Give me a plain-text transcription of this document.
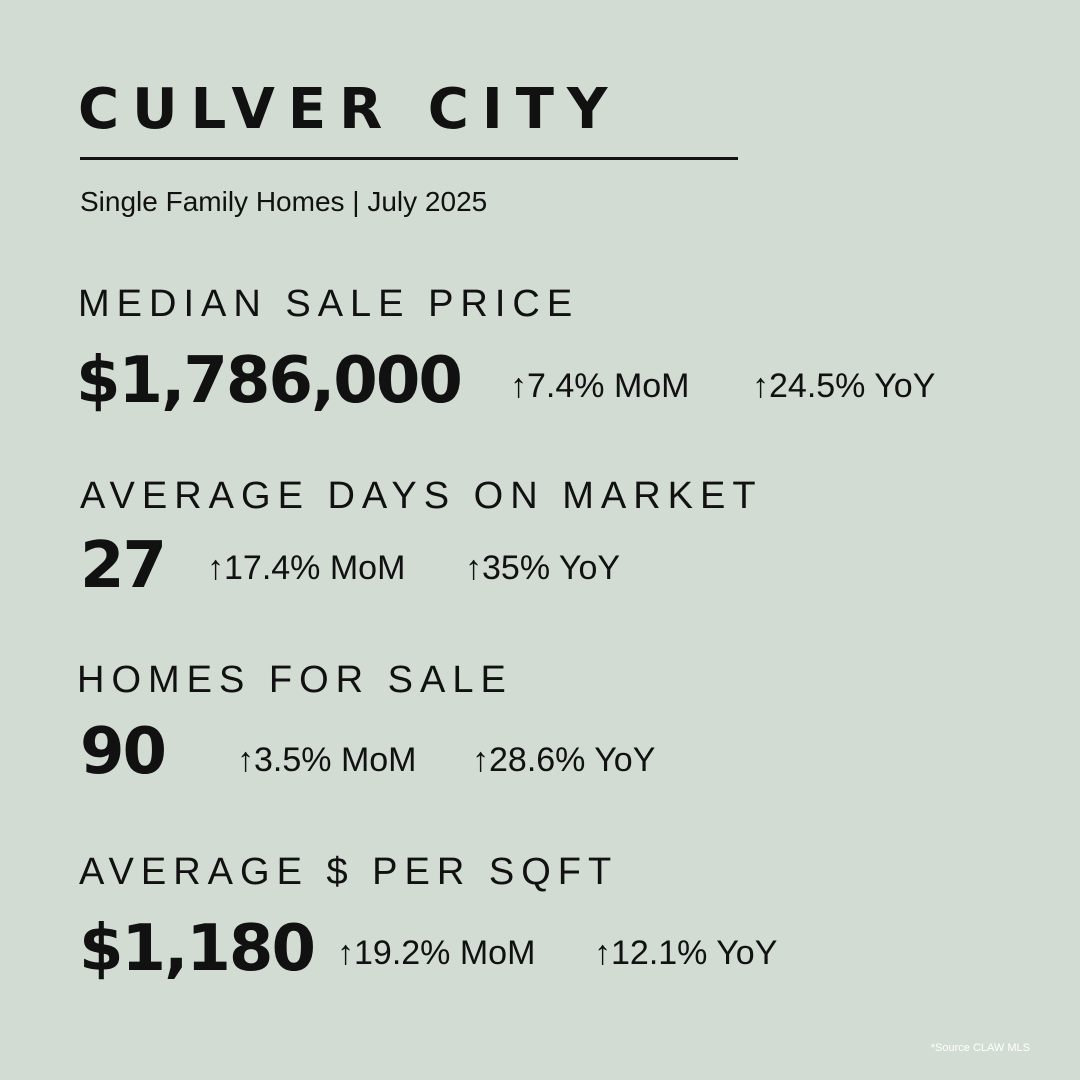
CULVER CITY

Single Family Homes | July 2025

MEDIAN SALE PRICE

$1,786,000 ↑7.4% MoM ↑24.5% YoY

AVERAGE DAYS ON MARKET

27 ↑17.4% MoM ↑35% YoY

HOMES FOR SALE

90 ↑3.5% MoM ↑28.6% YoY

AVERAGE $ PER SQFT

$1,180 ↑19.2% MoM ↑12.1% YoY

*Source CLAW MLS
